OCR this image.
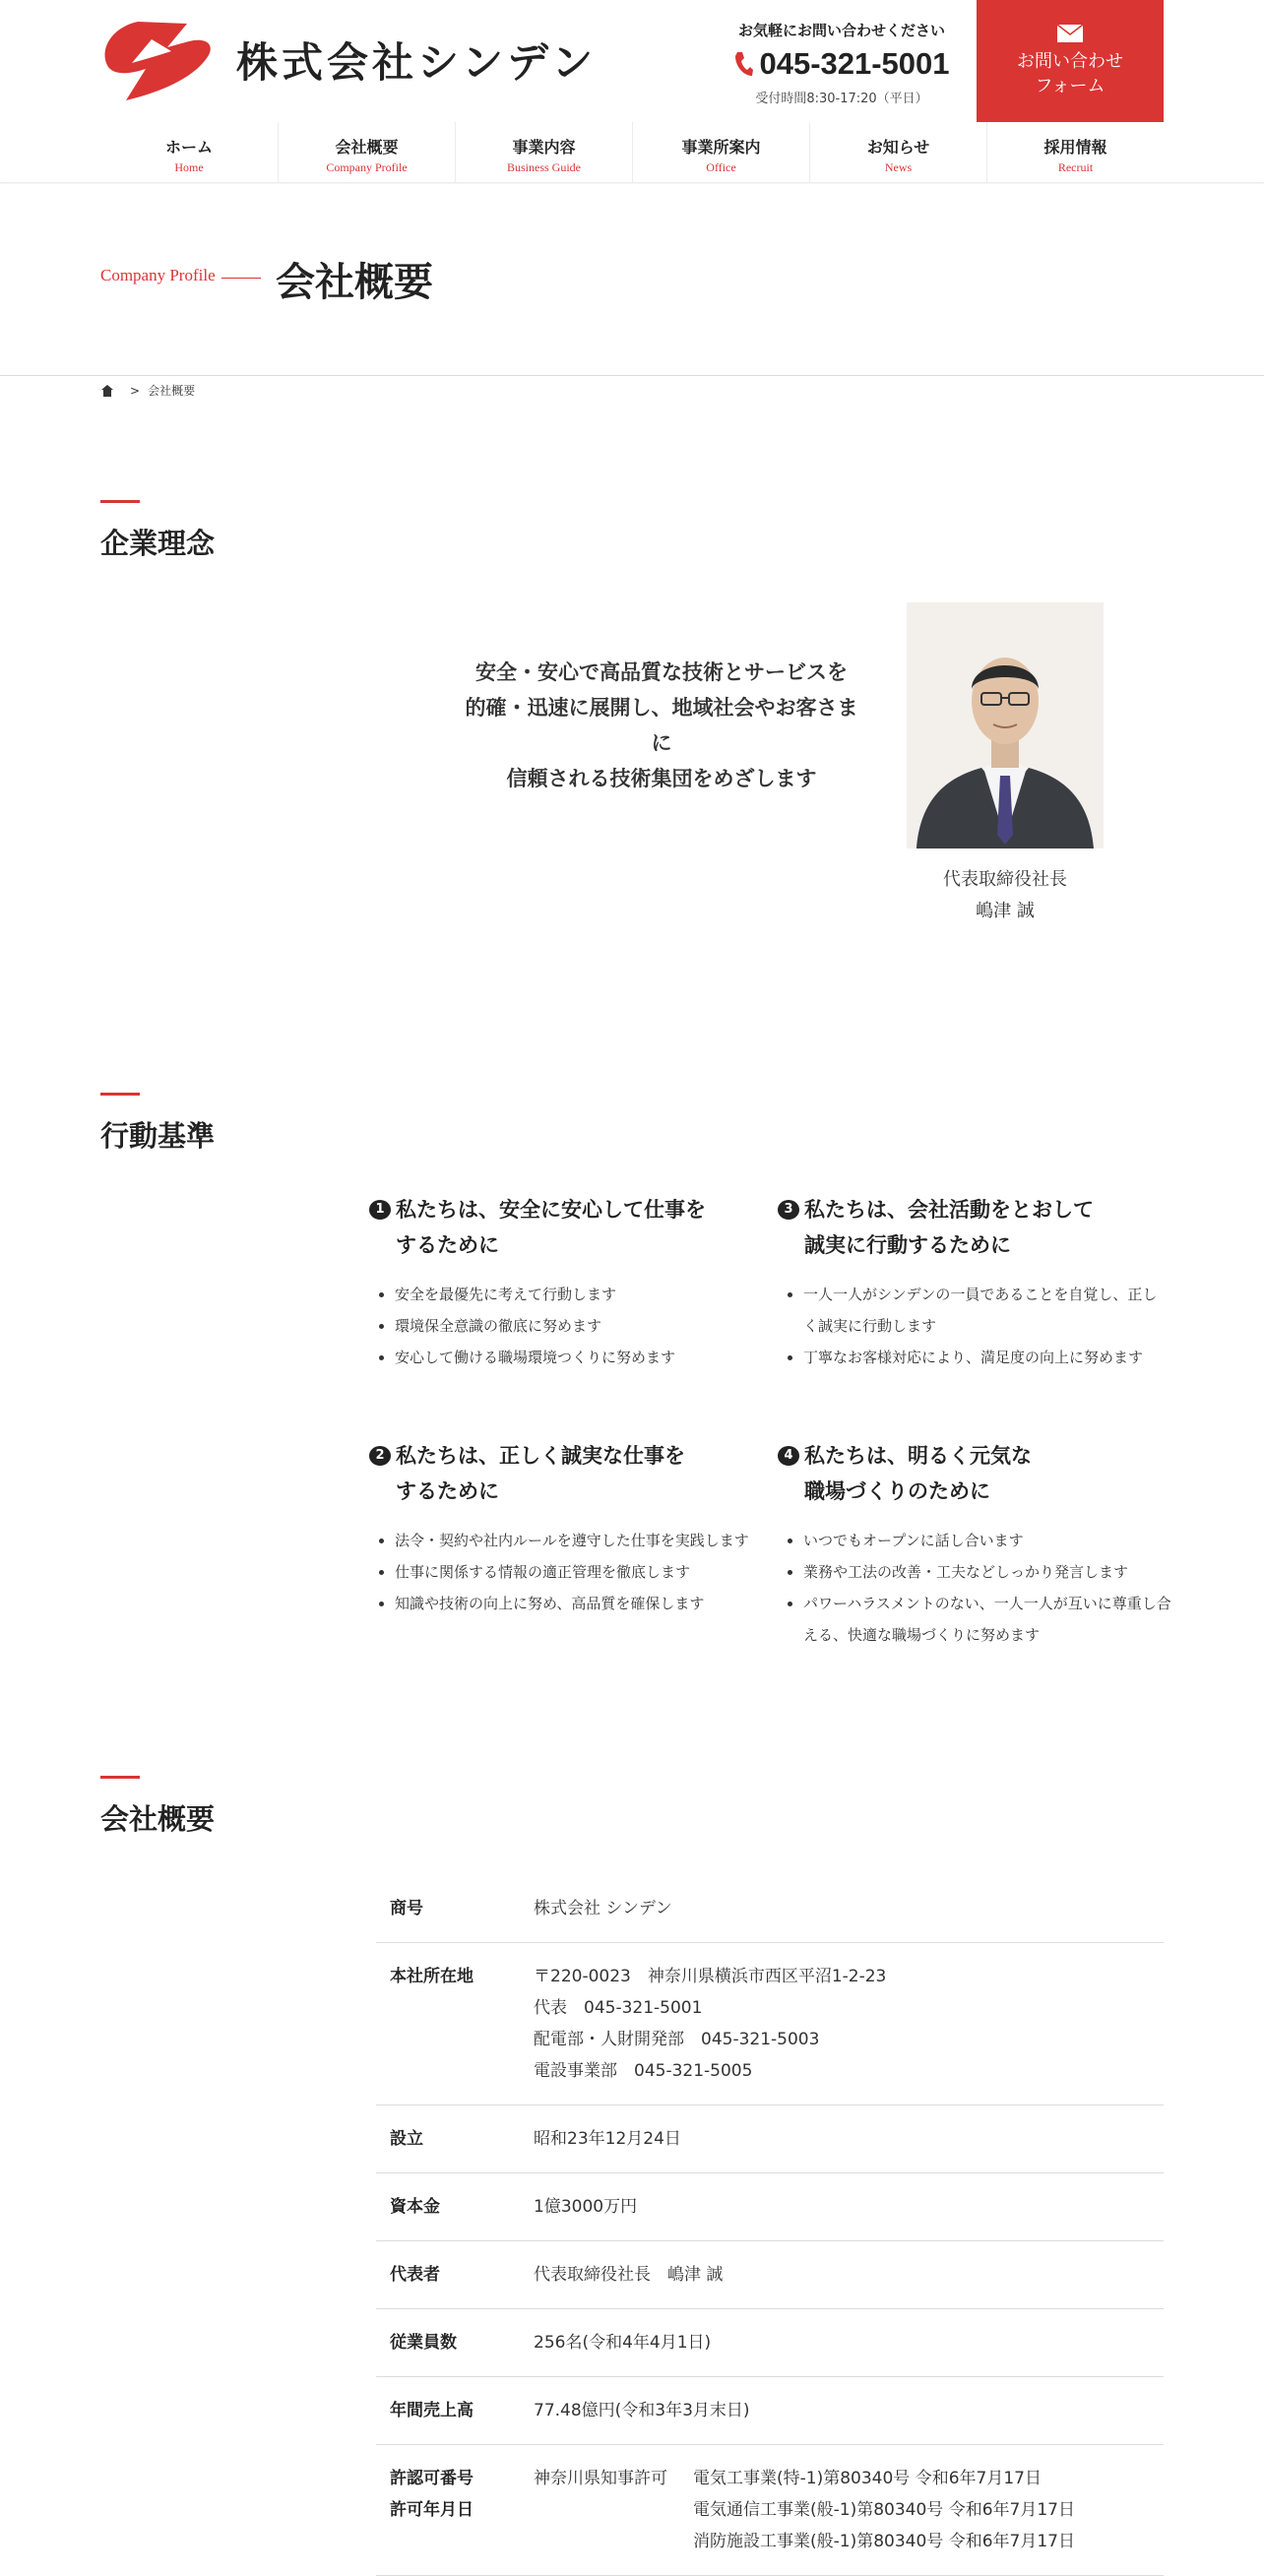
株式会社シンデン
お気軽にお問い合わせください
045-321-5001
受付時間8:30-17:20（平日）
お問い合わせ
フォーム
ホーム
Home
会社概要
Company Profile
事業内容
Business Guide
事業所案内
Office
お知らせ
News
採用情報
Recruit
Company Profile 会社概要
> 会社概要
企業理念
安全・安心で高品質な技術とサービスを
的確・迅速に展開し、地域社会やお客さまに
信頼される技術集団をめざします
代表取締役社長
嶋津 誠
行動基準
1 私たちは、安全に安心して仕事を
するために
• 安全を最優先に考えて行動します
• 環境保全意識の徹底に努めます
• 安心して働ける職場環境つくりに努めます
2 私たちは、正しく誠実な仕事を
するために
• 法令・契約や社内ルールを遵守した仕事を実践します
• 仕事に関係する情報の適正管理を徹底します
• 知識や技術の向上に努め、高品質を確保します
3 私たちは、会社活動をとおして
誠実に行動するために
• 一人一人がシンデンの一員であることを自覚し、正しく誠実に行動します
• 丁寧なお客様対応により、満足度の向上に努めます
4 私たちは、明るく元気な
職場づくりのために
• いつでもオープンに話し合います
• 業務や工法の改善・工夫などしっかり発言します
• パワーハラスメントのない、一人一人が互いに尊重し合える、快適な職場づくりに努めます
会社概要
商号	株式会社 シンデン

本社所在地	〒220-0023　神奈川県横浜市西区平沼1-2-23
代表　045-321-5001
配電部・人財開発部　045-321-5003
電設事業部　045-321-5005

設立	昭和23年12月24日

資本金	1億3000万円

代表者	代表取締役社長　嶋津 誠

従業員数	256名(令和4年4月1日)

年間売上高	77.48億円(令和3年3月末日)

許認可番号
許可年月日	神奈川県知事許可 電気工事業(特-1)第80340号 令和6年7月17日
電気通信工事業(般-1)第80340号 令和6年7月17日
消防施設工事業(般-1)第80340号 令和6年7月17日
